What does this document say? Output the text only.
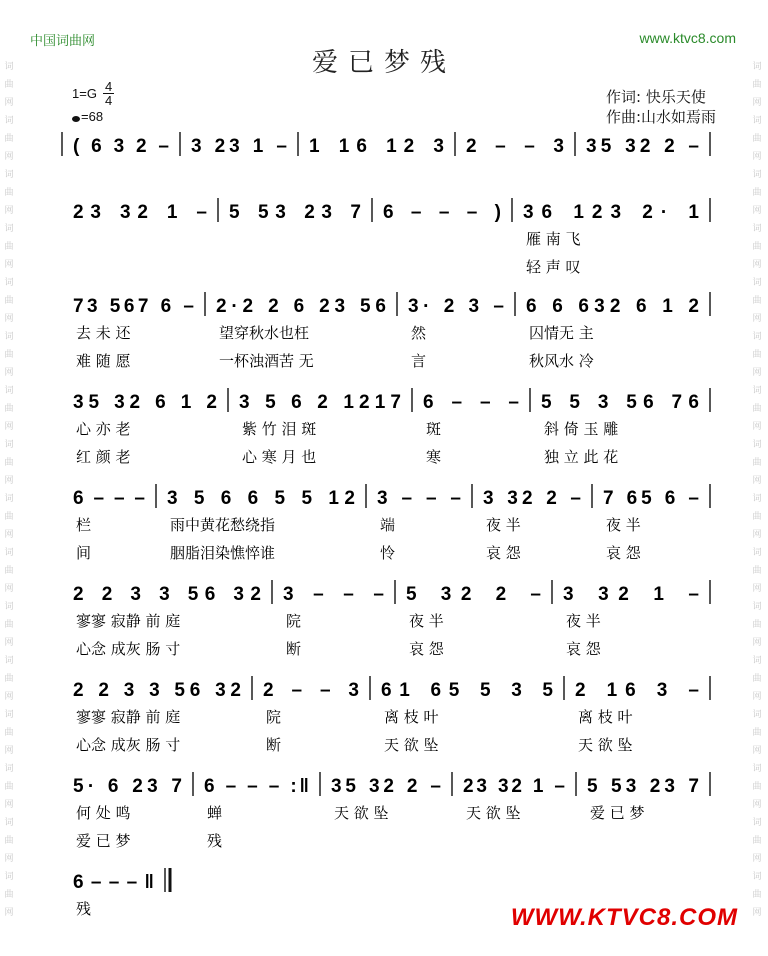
词
曲
网
词
曲
网
词
曲
网
词
曲
网
词
曲
网
词
曲
网
词
曲
网
词
曲
网
词
曲
网
词
曲
网
词
曲
网
词
曲
网
词
曲
网
词
曲
网
词
曲
网
词
曲
网
词
曲
网
词
曲
网
词
曲
网
词
曲
网
词
曲
网
词
曲
网
词
曲
网
词
曲
网
词
曲
网
词
曲
网
词
曲
网
词
曲
网
词
曲
网
词
曲
网
词
曲
网
词
曲
网
中国词曲网	www.ktvc8.com
爱已梦残
$1=G \frac{4}{4}$
=68
作词: 快乐天使
作曲:山水如焉雨
( 6 3 2 – 3 23 1 – 1 16 12 3 2 – – 3 35 32 2 –
23 32 1 – 5 53 23 7 6 – – – ) 36 123 2· 1
雁 南 飞
轻 声 叹
73 567 6 – 2·2 2 6 23 56 3· 2 3 – 6 6 632 6 1 2
去 未 还	望穿秋水也枉	然	囚情无 主
难 随 愿	一杯浊酒苦 无	言	秋风水 冷
35 32 6 1 2 3 5 6 2 1217 6 – – – 5 5 3 56 76
心 亦 老	紫 竹 泪 斑	斑	斜 倚 玉 雕
红 颜 老	心 寒 月 也	寒	独 立 此 花
6 – – – 3 5 6 6 5 5 12 3 – – – 3 32 2 – 7 65 6 –
栏	雨中黄花愁绕指	端	夜 半	夜 半
间	胭脂泪染憔悴谁	怜	哀 怨	哀 怨
2 2 3 3 56 32 3 – – – 5 32 2 – 3 32 1 –
寥寥 寂静 前 庭	院	夜 半	夜 半
心念 成灰 肠 寸	断	哀 怨	哀 怨
2 2 3 3 56 32 2 – – 3 61 65 5 3 5 2 16 3 –
寥寥 寂静 前 庭	院	离 枝 叶	离 枝 叶
心念 成灰 肠 寸	断	天 欲 坠	天 欲 坠
5· 6 23 7 6 – – – :‖ 35 32 2 – 23 32 1 – 5 53 23 7
何 处 鸣	蝉	天 欲 坠	天 欲 坠	爱 已 梦
爱 已 梦	残
6 – – – ‖
残	WWW.KTVC8.COM
